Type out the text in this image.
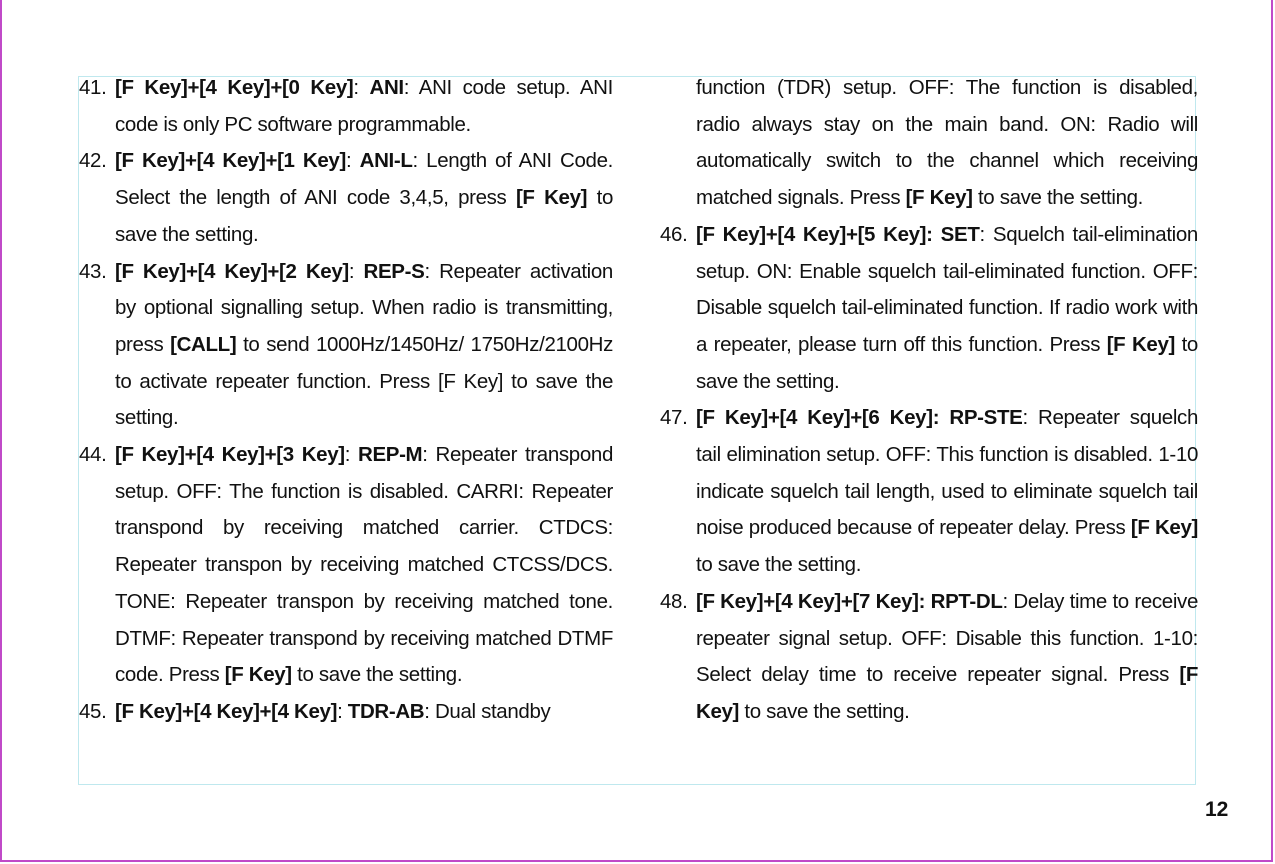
41. [F Key]+[4 Key]+[0 Key]: ANI: ANI code setup. ANI code is only PC software programmable.
42. [F Key]+[4 Key]+[1 Key]: ANI-L: Length of ANI Code. Select the length of ANI code 3,4,5, press [F Key] to save the setting.
43. [F Key]+[4 Key]+[2 Key]: REP-S: Repeater activation by optional signalling setup. When radio is transmitting, press [CALL] to send 1000Hz/1450Hz/ 1750Hz/2100Hz to activate repeater function. Press [F Key] to save the setting.
44. [F Key]+[4 Key]+[3 Key]: REP-M: Repeater transpond setup. OFF: The function is disabled. CARRI: Repeater transpond by receiving matched carrier. CTDCS: Repeater transpon by receiving matched CTCSS/DCS. TONE: Repeater transpon by receiving matched tone. DTMF: Repeater transpond by receiving matched DTMF code. Press [F Key] to save the setting.
45. [F Key]+[4 Key]+[4 Key]: TDR-AB: Dual standby
function (TDR) setup. OFF: The function is disabled, radio always stay on the main band. ON: Radio will automatically switch to the channel which receiving matched signals. Press [F Key] to save the setting.
46. [F Key]+[4 Key]+[5 Key]: SET: Squelch tail-elimination setup. ON: Enable squelch tail-eliminated function. OFF: Disable squelch tail-eliminated function. If radio work with a repeater, please turn off this function. Press [F Key] to save the setting.
47. [F Key]+[4 Key]+[6 Key]: RP-STE: Repeater squelch tail elimination setup. OFF: This function is disabled. 1-10 indicate squelch tail length, used to eliminate squelch tail noise produced because of repeater delay. Press [F Key] to save the setting.
48. [F Key]+[4 Key]+[7 Key]: RPT-DL: Delay time to receive repeater signal setup. OFF: Disable this function. 1-10: Select delay time to receive repeater signal. Press [F Key] to save the setting.
12
